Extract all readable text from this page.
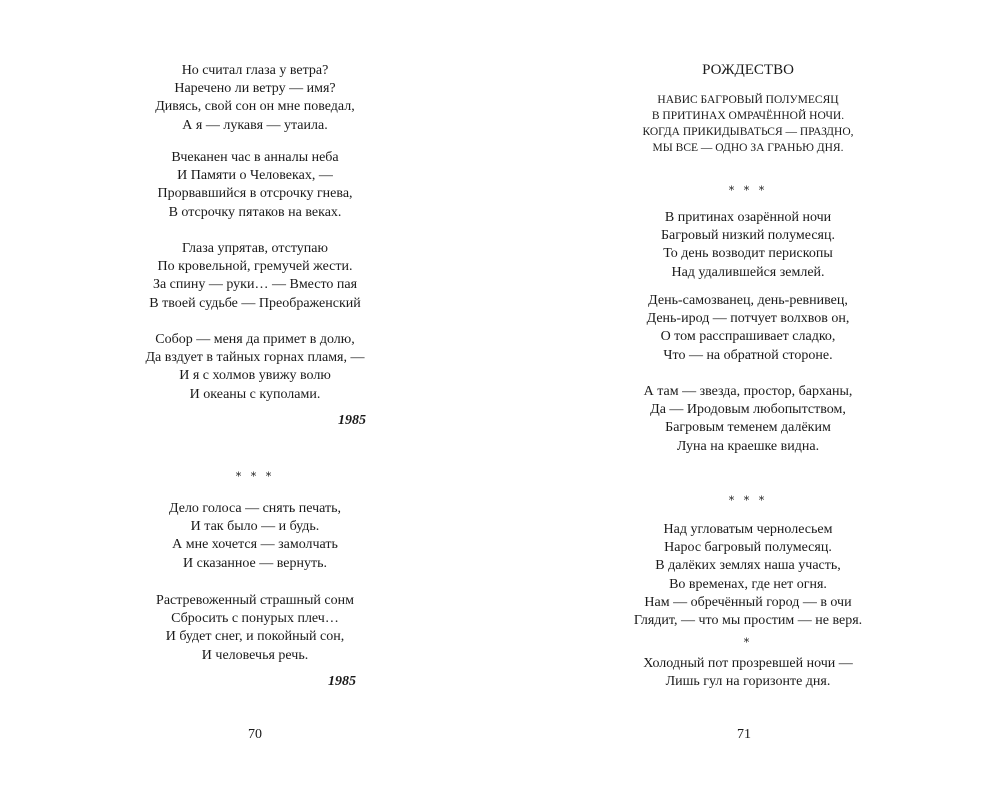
Но считал глаза у ветра?
Наречено ли ветру — имя?
Дивясь, свой сон он мне поведал,
А я — лукавя — утаила.
Вчеканен час в анналы неба
И Памяти о Человеках, —
Прорвавшийся в отсрочку гнева,
В отсрочку пятаков на веках.
Глаза упрятав, отступаю
По кровельной, гремучей жести.
За спину — руки… — Вместо пая
В твоей судьбе — Преображенский
Собор — меня да примет в долю,
Да вздует в тайных горнах пламя, —
И я с холмов увижу волю
И океаны с куполами.
1985
* * *
Дело голоса — снять печать,
И так было — и будь.
А мне хочется — замолчать
И сказанное — вернуть.
Растревоженный страшный сонм
Сбросить с понурых плеч…
И будет снег, и покойный сон,
И человечья речь.
1985
70
РОЖДЕСТВО
НАВИС БАГРОВЫЙ ПОЛУМЕСЯЦ
В ПРИТИНАХ ОМРАЧЁННОЙ НОЧИ.
КОГДА ПРИКИДЫВАТЬСЯ — ПРАЗДНО,
МЫ ВСЕ — ОДНО ЗА ГРАНЬЮ ДНЯ.
* * *
В притинах озарённой ночи
Багровый низкий полумесяц.
То день возводит перископы
Над удалившейся землей.
День-самозванец, день-ревнивец,
День-ирод — потчует волхвов он,
О том расспрашивает сладко,
Что — на обратной стороне.
А там — звезда, простор, барханы,
Да — Иродовым любопытством,
Багровым теменем далёким
Луна на краешке видна.
* * *
Над угловатым чернолесьем
Нарос багровый полумесяц.
В далёких землях наша участь,
Во временах, где нет огня.
Нам — обречённый город — в очи
Глядит, — что мы простим — не веря.
*
Холодный пот прозревшей ночи —
Лишь гул на горизонте дня.
71
